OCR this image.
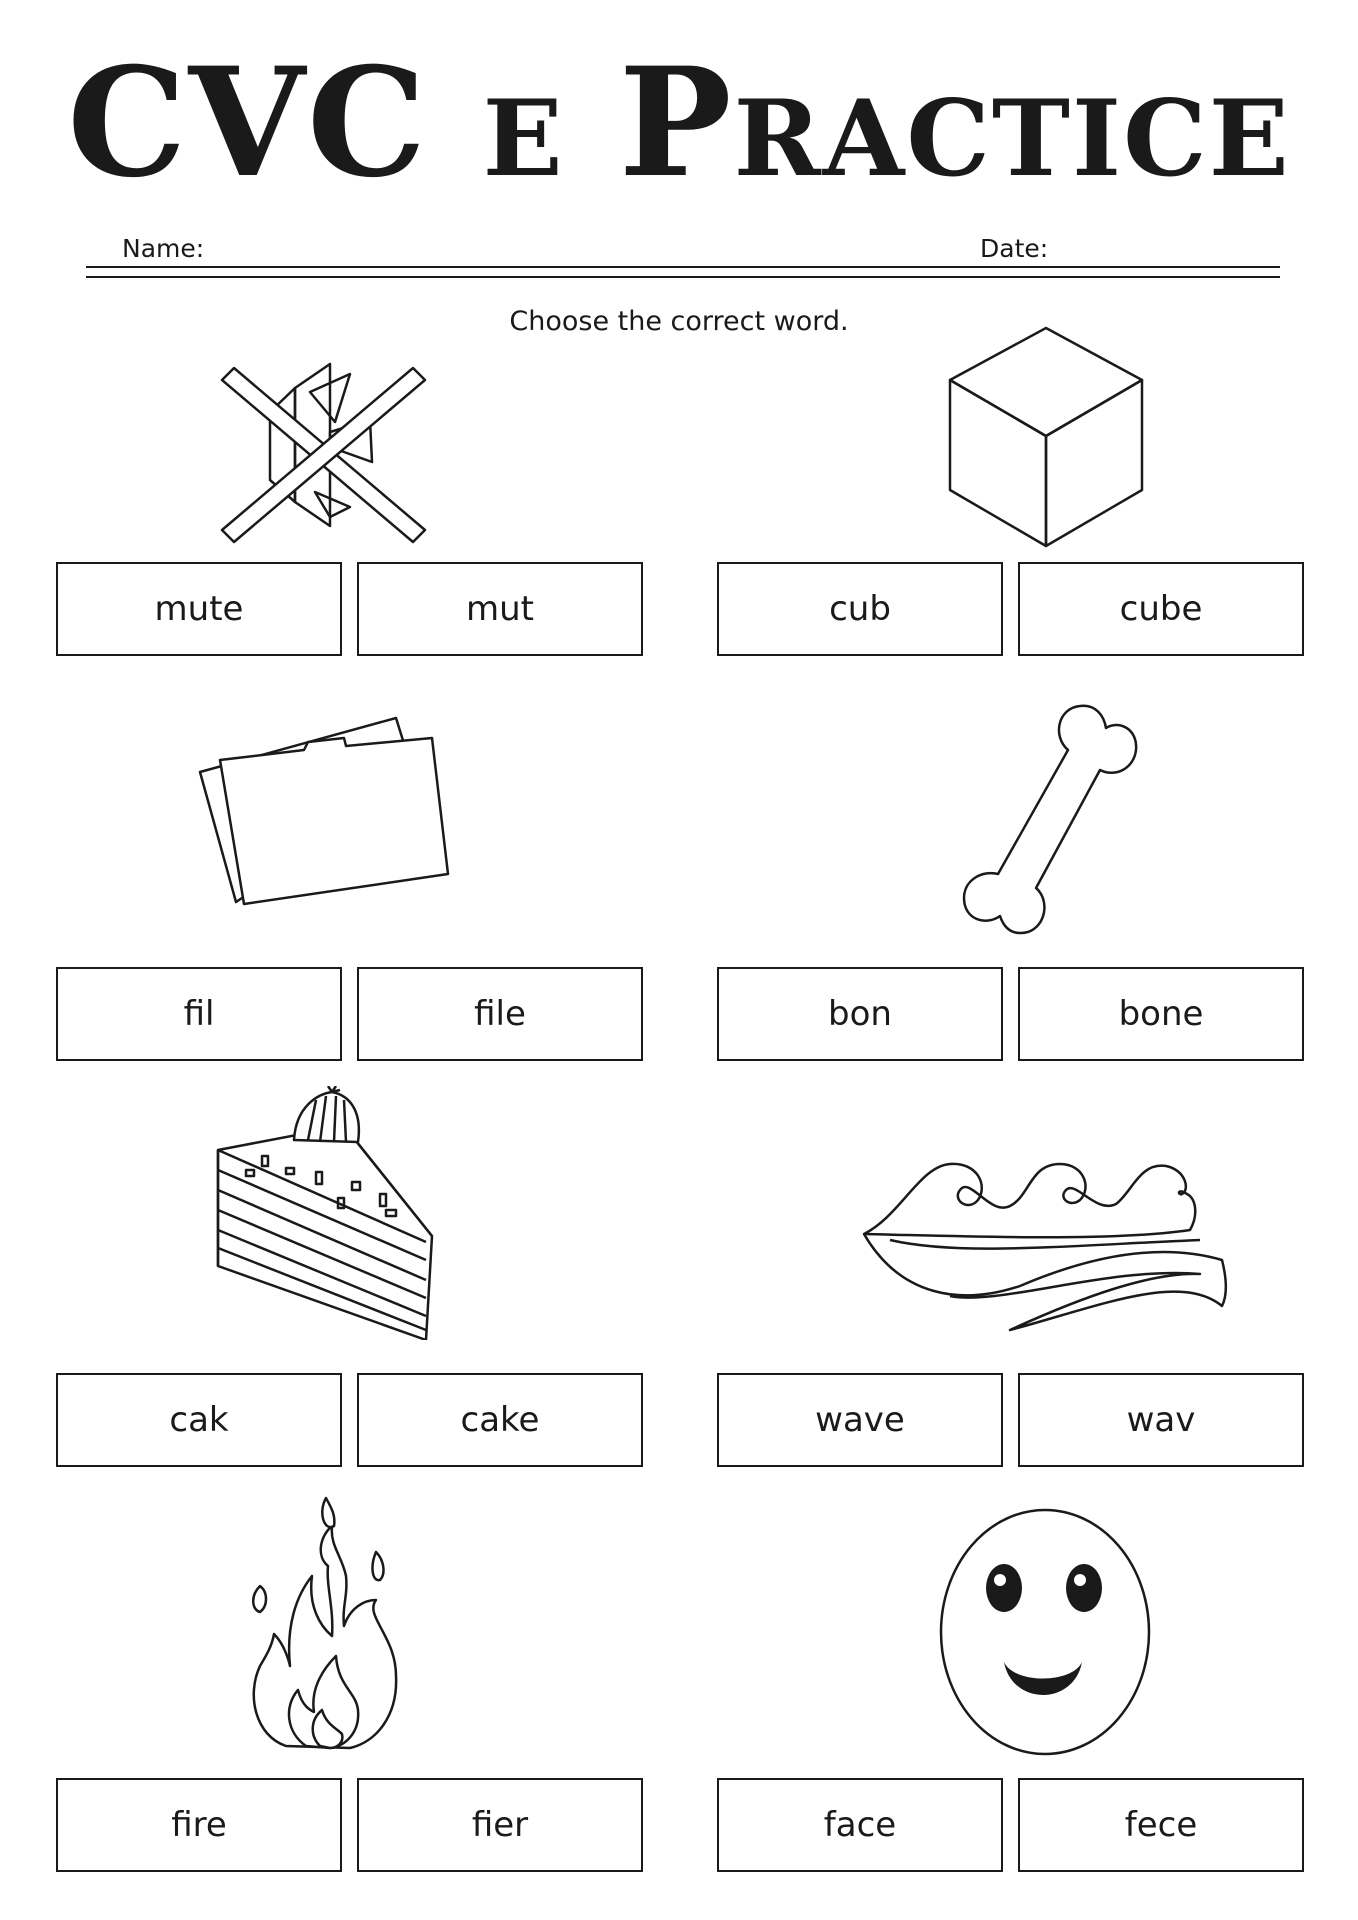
CVC e Practice
Name:	Date:
Choose the correct word.
mute	mut	cub	cube
fil	file	bon	bone
cak	cake	wave	wav
fire	fier	face	fece
